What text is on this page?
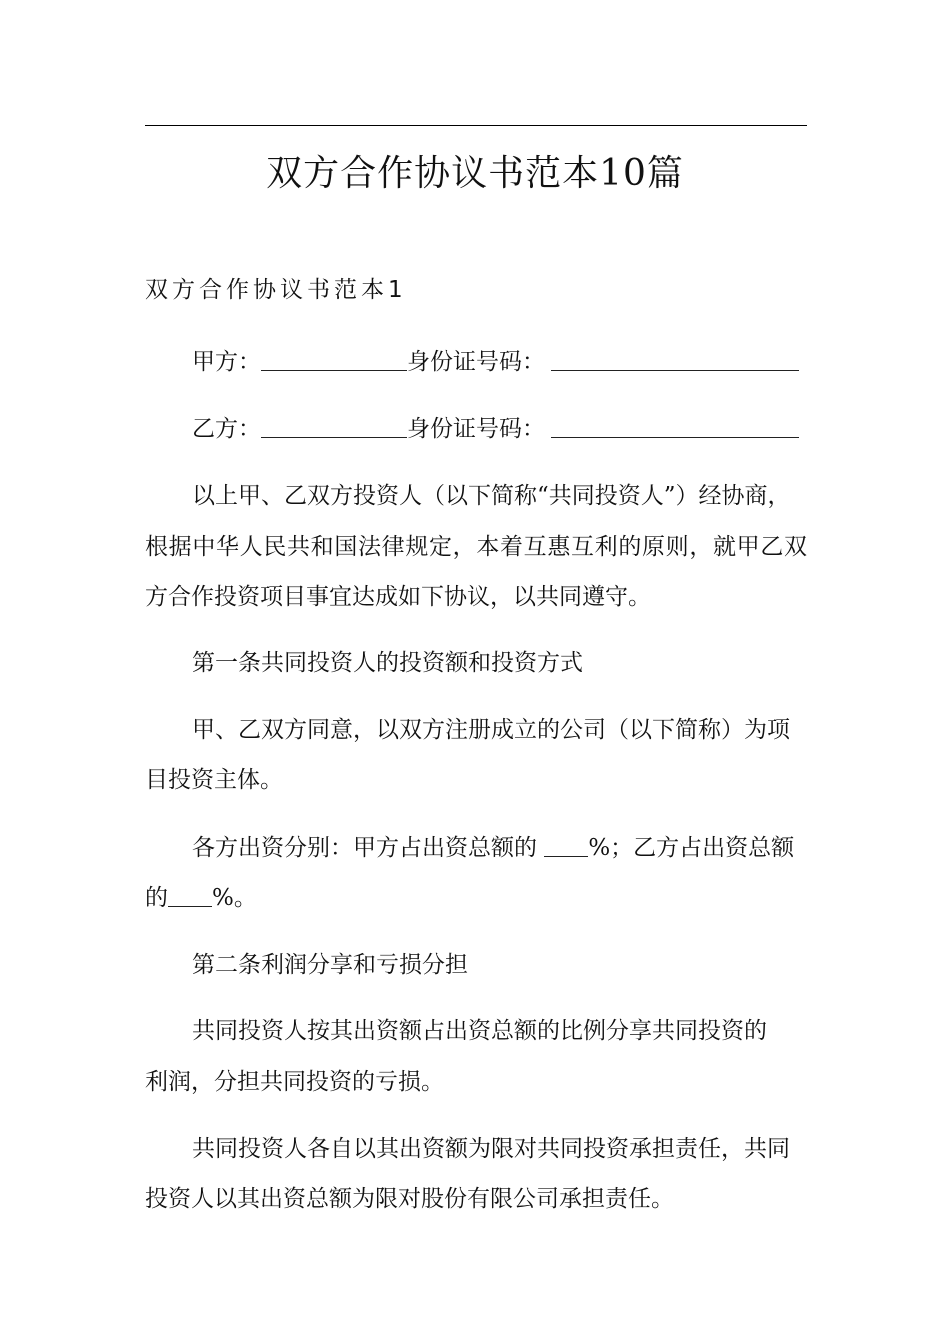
双方合作协议书范本10篇
双方合作协议书范本1

甲方：	身份证号码：

乙方：	身份证号码：

以上甲、乙双方投资人（以下简称“共同投资人”）经协商，

根据中华人民共和国法律规定，本着互惠互利的原则，就甲乙双

方合作投资项目事宜达成如下协议，以共同遵守。

第一条共同投资人的投资额和投资方式

甲、乙双方同意，以双方注册成立的公司（以下简称）为项

目投资主体。

各方出资分别：甲方占出资总额的 %；乙方占出资总额

的 %。

第二条利润分享和亏损分担

共同投资人按其出资额占出资总额的比例分享共同投资的

利润，分担共同投资的亏损。

共同投资人各自以其出资额为限对共同投资承担责任，共同

投资人以其出资总额为限对股份有限公司承担责任。
